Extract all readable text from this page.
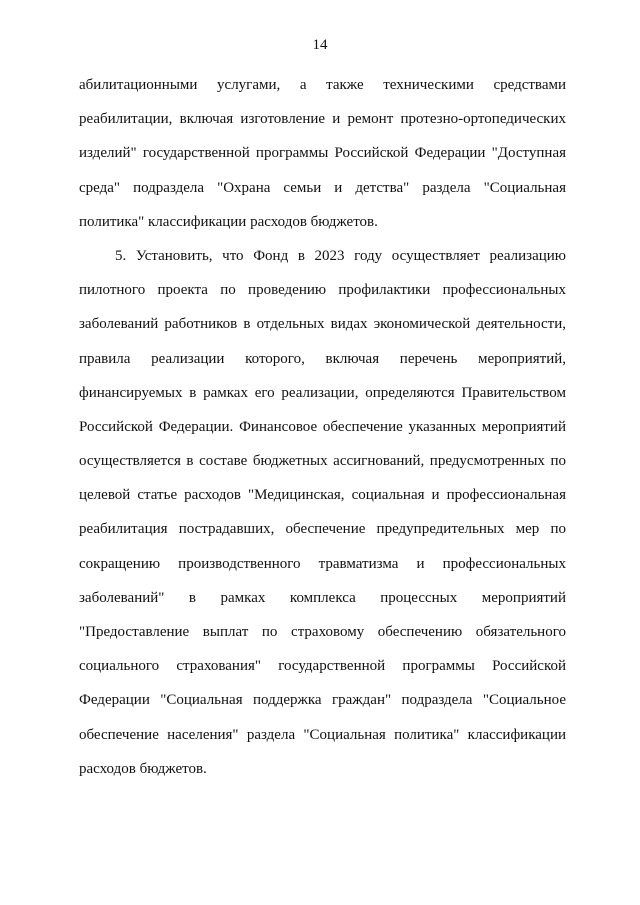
14
абилитационными услугами, а также техническими средствами
реабилитации, включая изготовление и ремонт протезно-ортопедических
изделий" государственной программы Российской Федерации "Доступная
среда" подраздела "Охрана семьи и детства" раздела "Социальная
политика" классификации расходов бюджетов.
5. Установить, что Фонд в 2023 году осуществляет реализацию
пилотного проекта по проведению профилактики профессиональных
заболеваний работников в отдельных видах экономической деятельности,
правила реализации которого, включая перечень мероприятий,
финансируемых в рамках его реализации, определяются Правительством
Российской Федерации. Финансовое обеспечение указанных мероприятий
осуществляется в составе бюджетных ассигнований, предусмотренных по
целевой статье расходов "Медицинская, социальная и профессиональная
реабилитация пострадавших, обеспечение предупредительных мер по
сокращению производственного травматизма и профессиональных
заболеваний" в рамках комплекса процессных мероприятий
"Предоставление выплат по страховому обеспечению обязательного
социального страхования" государственной программы Российской
Федерации "Социальная поддержка граждан" подраздела "Социальное
обеспечение населения" раздела "Социальная политика" классификации
расходов бюджетов.
